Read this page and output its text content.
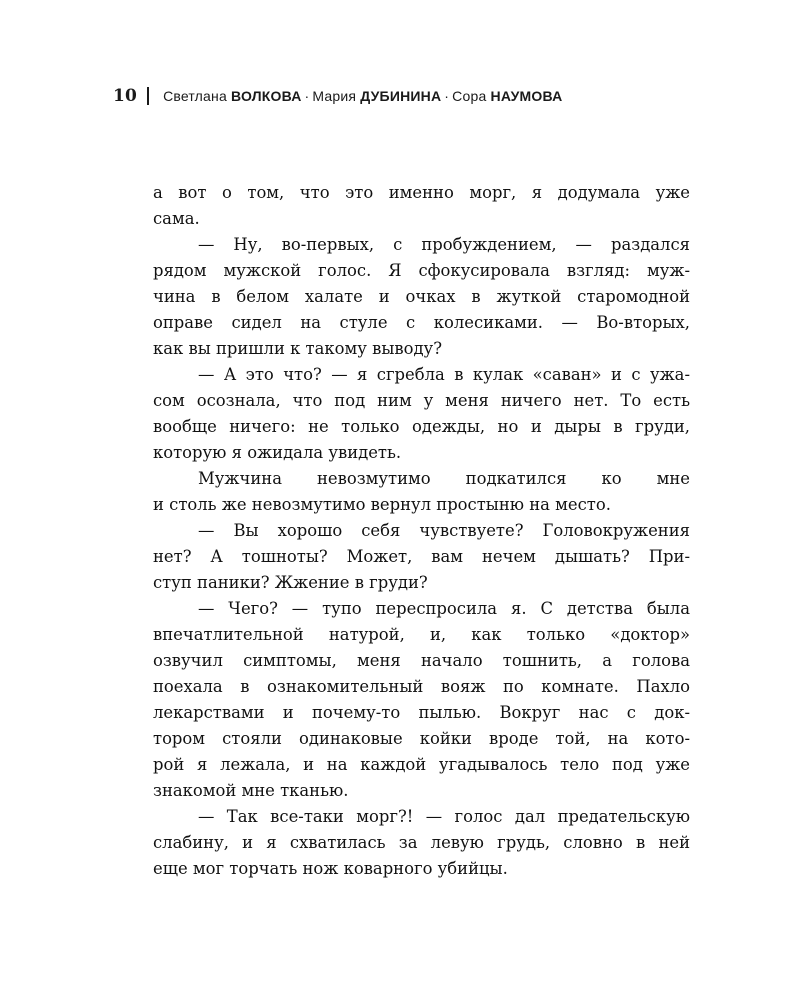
10 Светлана ВОЛКОВА · Мария ДУБИНИНА · Сора НАУМОВА
а вот о том, что это именно морг, я додумала уже
сама.
— Ну, во-первых, с пробуждением, — раздался
рядом мужской голос. Я сфокусировала взгляд: муж-
чина в белом халате и очках в жуткой старомодной
оправе сидел на стуле с колесиками. — Во-вторых,
как вы пришли к такому выводу?
— А это что? — я сгребла в кулак «саван» и с ужа-
сом осознала, что под ним у меня ничего нет. То есть
вообще ничего: не только одежды, но и дыры в груди,
которую я ожидала увидеть.
Мужчина невозмутимо подкатился ко мне
и столь же невозмутимо вернул простыню на место.
— Вы хорошо себя чувствуете? Головокружения
нет? А тошноты? Может, вам нечем дышать? При-
ступ паники? Жжение в груди?
— Чего? — тупо переспросила я. С детства была
впечатлительной натурой, и, как только «доктор»
озвучил симптомы, меня начало тошнить, а голова
поехала в ознакомительный вояж по комнате. Пахло
лекарствами и почему-то пылью. Вокруг нас с док-
тором стояли одинаковые койки вроде той, на кото-
рой я лежала, и на каждой угадывалось тело под уже
знакомой мне тканью.
— Так все-таки морг?! — голос дал предательскую
слабину, и я схватилась за левую грудь, словно в ней
еще мог торчать нож коварного убийцы.
